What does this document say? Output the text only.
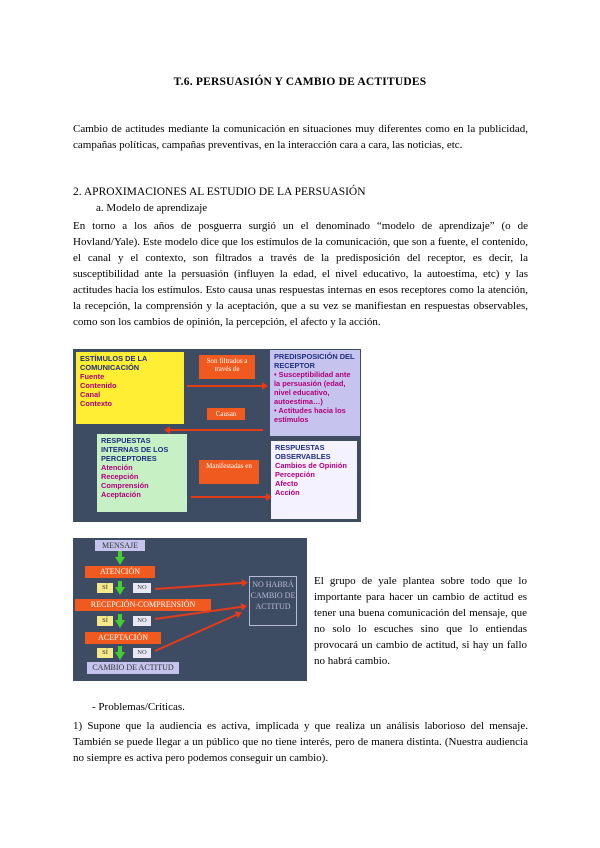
T.6. PERSUASIÓN Y CAMBIO DE ACTITUDES

Cambio de actitudes mediante la comunicación en situaciones muy diferentes como en la publicidad, campañas políticas, campañas preventivas, en la interacción cara a cara, las noticias, etc.

2. APROXIMACIONES AL ESTUDIO DE LA PERSUASIÓN

a. Modelo de aprendizaje

En torno a los años de posguerra surgió un el denominado “modelo de aprendizaje” (o de Hovland/Yale). Este modelo dice que los estímulos de la comunicación, que son a fuente, el contenido, el canal y el contexto, son filtrados a través de la predisposición del receptor, es decir, la susceptibilidad ante la persuasión (influyen la edad, el nivel educativo, la autoestima, etc) y las actitudes hacia los estímulos. Esto causa unas respuestas internas en esos receptores como la atención, la recepción, la comprensión y la aceptación, que a su vez se manifiestan en respuestas observables, como son los cambios de opinión, la percepción, el afecto y la acción.

ESTÍMULOS DE LA COMUNICACIÓN
Fuente
Contenido
Canal
Contexto
Son filtrados a través de
PREDISPOSICIÓN DEL RECEPTOR
• Susceptibilidad ante la persuasión (edad, nivel educativo, autoestima…)
• Actitudes hacia los estímulos
Causan
RESPUESTAS INTERNAS DE LOS PERCEPTORES
Atención
Recepción
Comprensión
Aceptación
Manifestadas en
RESPUESTAS OBSERVABLES
Cambios de Opinión
Percepción
Afecto
Acción
MENSAJE
ATENCIÓN
SÍ	NO
RECEPCIÓN-COMPRENSIÓN
SÍ	NO
ACEPTACIÓN
SÍ	NO
CAMBIO DE ACTITUD
NO HABRÁ CAMBIO DE ACTITUD

El grupo de yale plantea sobre todo que lo importante para hacer un cambio de actitud es tener una buena comunicación del mensaje, que no solo lo escuches sino que lo entiendas provocará un cambio de actitud, si hay un fallo no habrá cambio.

- Problemas/Críticas.

1) Supone que la audiencia es activa, implicada y que realiza un análisis laborioso del mensaje. También se puede llegar a un público que no tiene interés, pero de manera distinta. (Nuestra audiencia no siempre es activa pero podemos conseguir un cambio).
